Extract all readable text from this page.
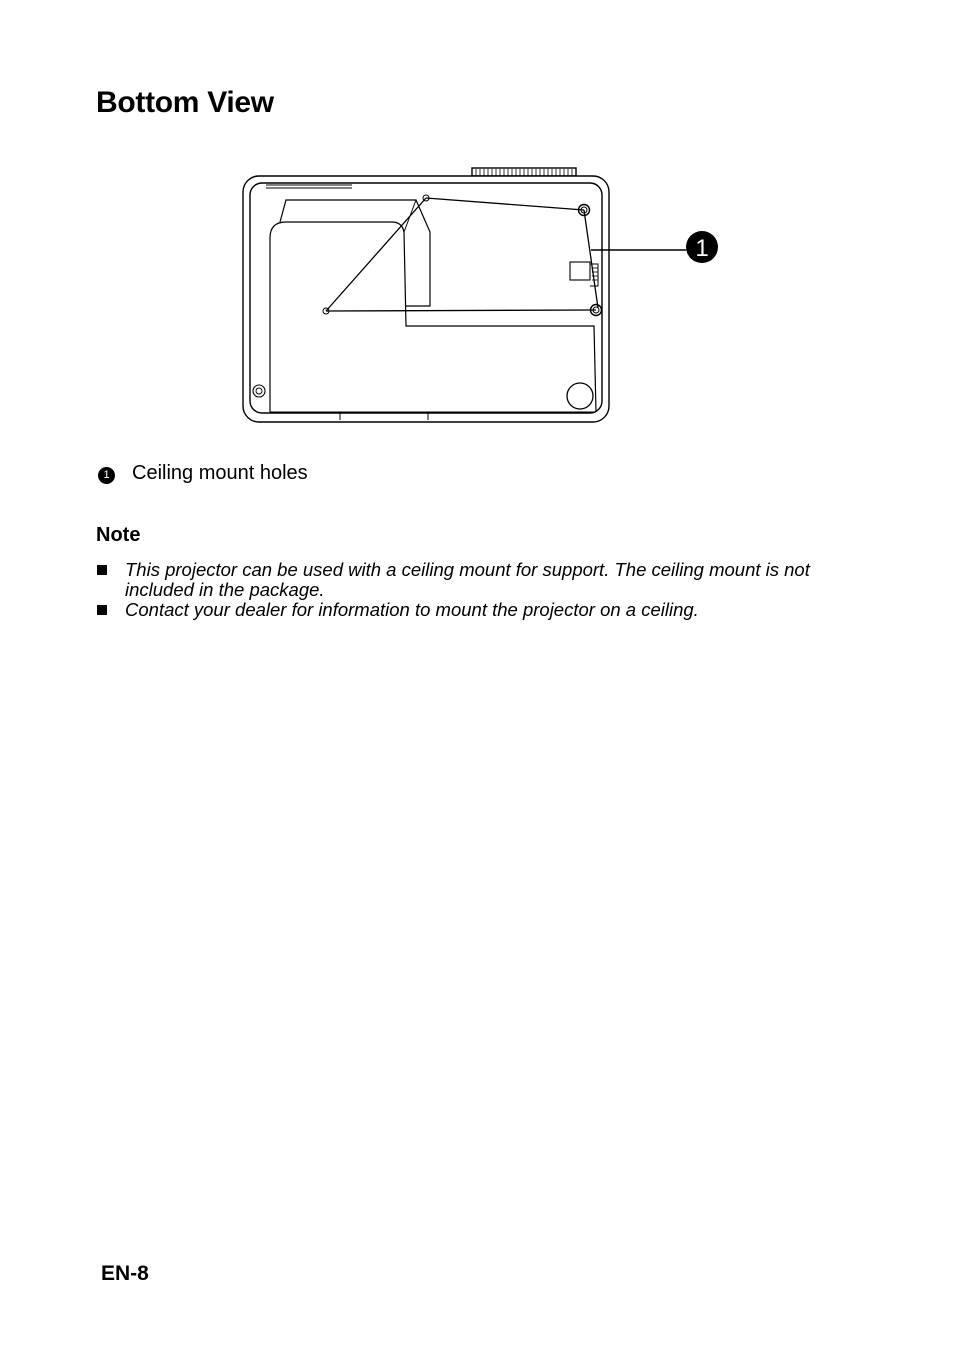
Bottom View
1
1 Ceiling mount holes
Note
This projector can be used with a ceiling mount for support. The ceiling mount is not included in the package.
Contact your dealer for information to mount the projector on a ceiling.

EN-8
